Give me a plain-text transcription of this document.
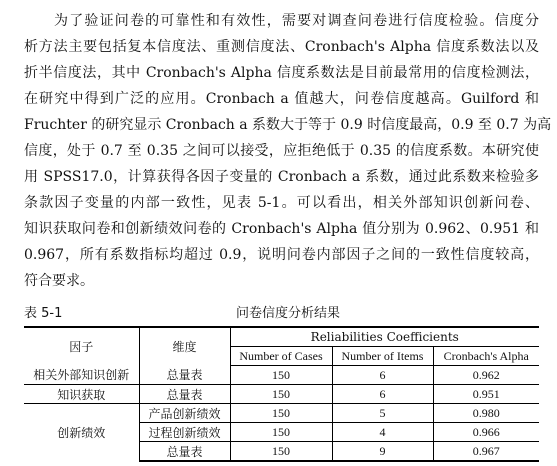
为了验证问卷的可靠性和有效性，需要对调查问卷进行信度检验。信度分
析方法主要包括复本信度法、重测信度法、Cronbach's Alpha 信度系数法以及
折半信度法，其中 Cronbach's Alpha 信度系数法是目前最常用的信度检测法，
在研究中得到广泛的应用。Cronbach a 值越大，问卷信度越高。Guilford 和
Fruchter 的研究显示 Cronbach a 系数大于等于 0.9 时信度最高，0.9 至 0.7 为高
信度，处于 0.7 至 0.35 之间可以接受，应拒绝低于 0.35 的信度系数。本研究使
用 SPSS17.0，计算获得各因子变量的 Cronbach a 系数，通过此系数来检验多
条款因子变量的内部一致性，见表 5-1。可以看出，相关外部知识创新问卷、
知识获取问卷和创新绩效问卷的 Cronbach's Alpha 值分别为 0.962、0.951 和
0.967，所有系数指标均超过 0.9，说明问卷内部因子之间的一致性信度较高，
符合要求。
表 5-1	问卷信度分析结果
因子	维度	Reliabilities Coefficients		
		Number of Cases	Number of Items	Cronbach's Alpha
相关外部知识创新	总量表	150	6	0.962
知识获取	总量表	150	6	0.951
创新绩效	产品创新绩效	150	5	0.980
	过程创新绩效	150	4	0.966
	总量表	150	9	0.967
